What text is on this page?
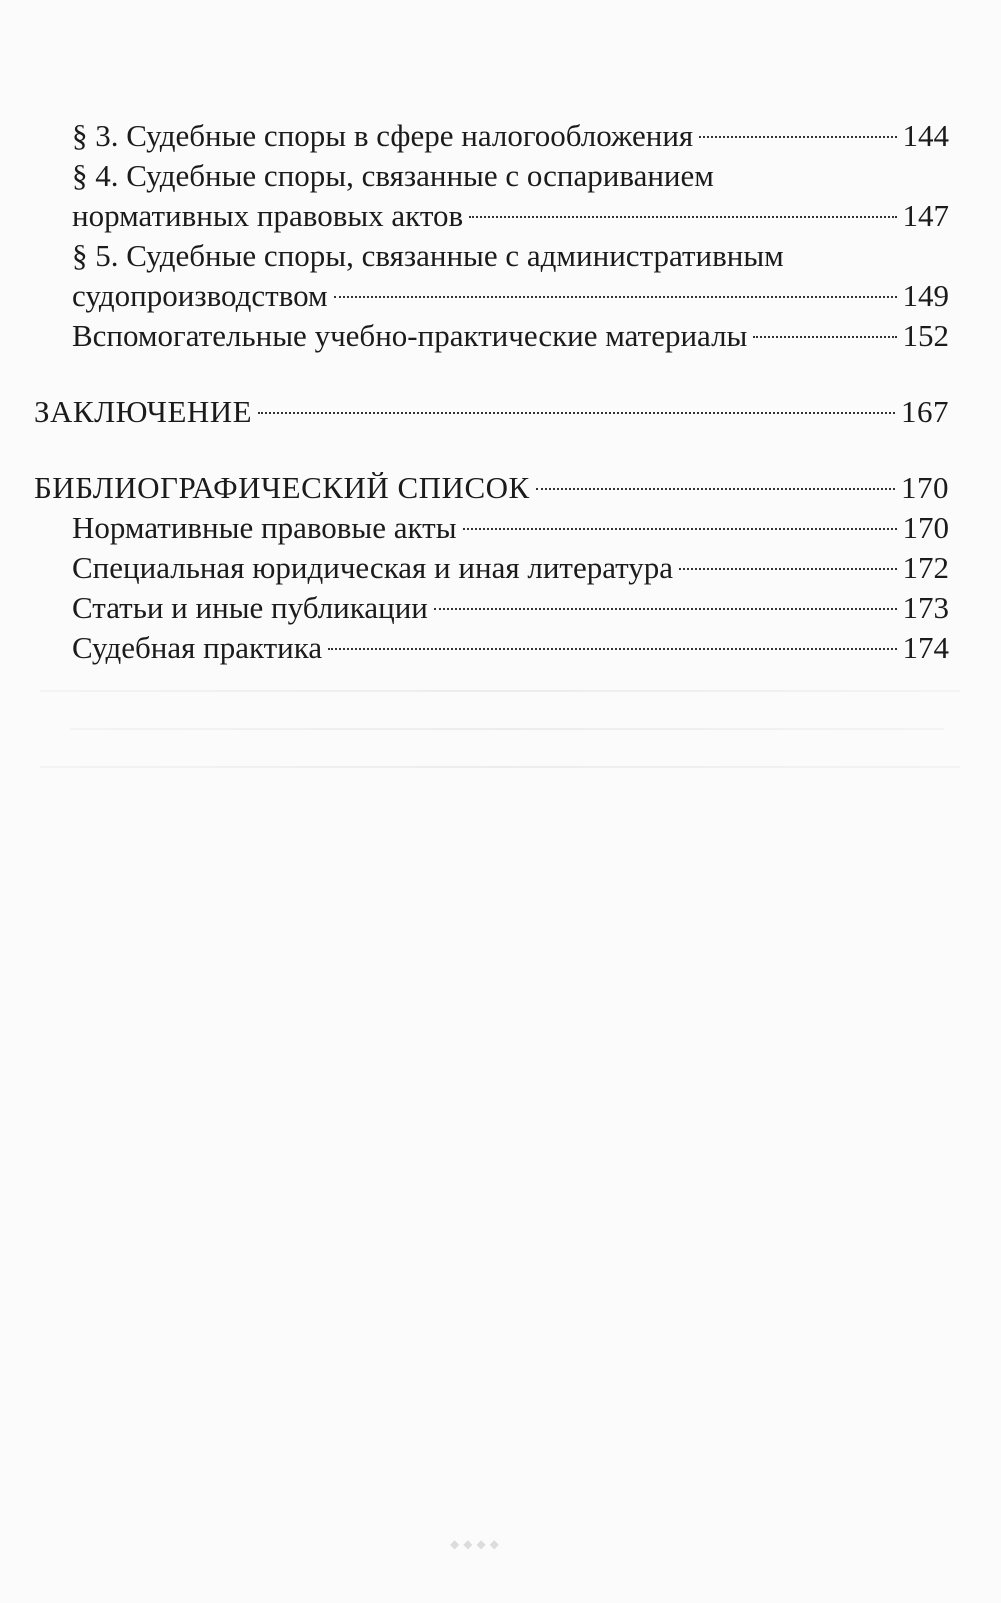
§ 3. Судебные споры в сфере налогообложения	144
§ 4. Судебные споры, связанные с оспариванием
нормативных правовых актов	147
§ 5. Судебные споры, связанные с административным
судопроизводством	149
Вспомогательные учебно-практические материалы	152
ЗАКЛЮЧЕНИЕ	167
БИБЛИОГРАФИЧЕСКИЙ СПИСОК	170
Нормативные правовые акты	170
Специальная юридическая и иная литература	172
Статьи и иные публикации	173
Судебная практика	174
◆◆◆◆
